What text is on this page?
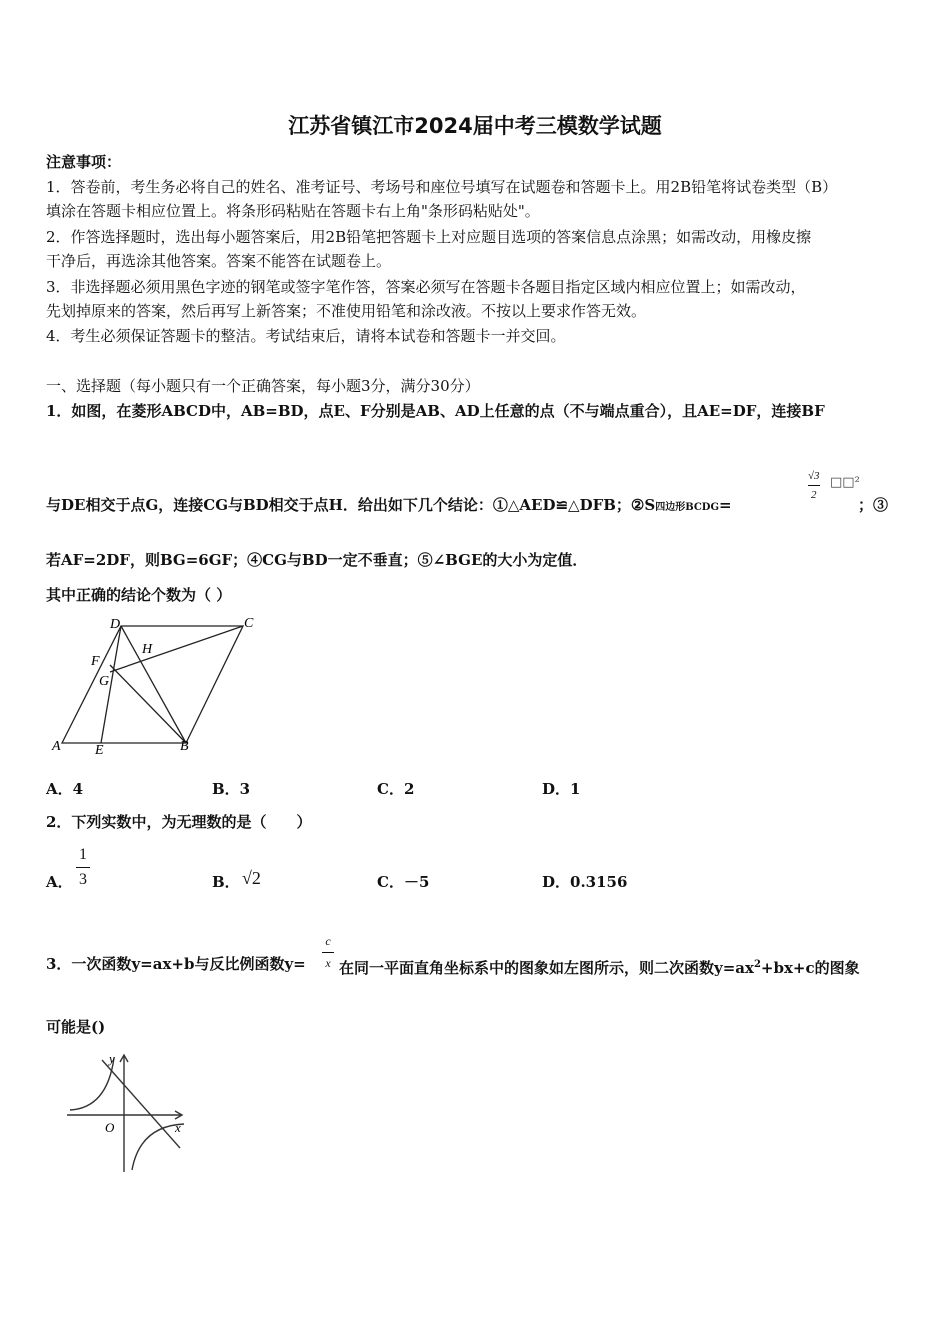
江苏省镇江市2024届中考三模数学试题
注意事项：
1．答卷前，考生务必将自己的姓名、准考证号、考场号和座位号填写在试题卷和答题卡上。用2B铅笔将试卷类型（B）
填涂在答题卡相应位置上。将条形码粘贴在答题卡右上角"条形码粘贴处"。
2．作答选择题时，选出每小题答案后，用2B铅笔把答题卡上对应题目选项的答案信息点涂黑；如需改动，用橡皮擦
干净后，再选涂其他答案。答案不能答在试题卷上。
3．非选择题必须用黑色字迹的钢笔或签字笔作答，答案必须写在答题卡各题目指定区域内相应位置上；如需改动，
先划掉原来的答案，然后再写上新答案；不准使用铅笔和涂改液。不按以上要求作答无效。
4．考生必须保证答题卡的整洁。考试结束后，请将本试卷和答题卡一并交回。
一、选择题（每小题只有一个正确答案，每小题3分，满分30分）
1．如图，在菱形ABCD中，AB=BD，点E、F分别是AB、AD上任意的点（不与端点重合），且AE=DF，连接BF
与DE相交于点G，连接CG与BD相交于点H．给出如下几个结论：①△AED≌△DFB；②S四边形BCDG=
√3
2
□□²
；③
若AF=2DF，则BG=6GF；④CG与BD一定不垂直；⑤∠BGE的大小为定值．
其中正确的结论个数为（ ）
A	B
C
D
E
F
G
H
A．4	B．3	C．2	D．1
2．下列实数中，为无理数的是（　　）
A．
1
3	B． √2	C．－5	D．0.3156
3．一次函数y=ax+b与反比例函数y=
c
x 在同一平面直角坐标系中的图象如左图所示，则二次函数$y=ax^2+bx+c$的图象
可能是()
y
x
O
